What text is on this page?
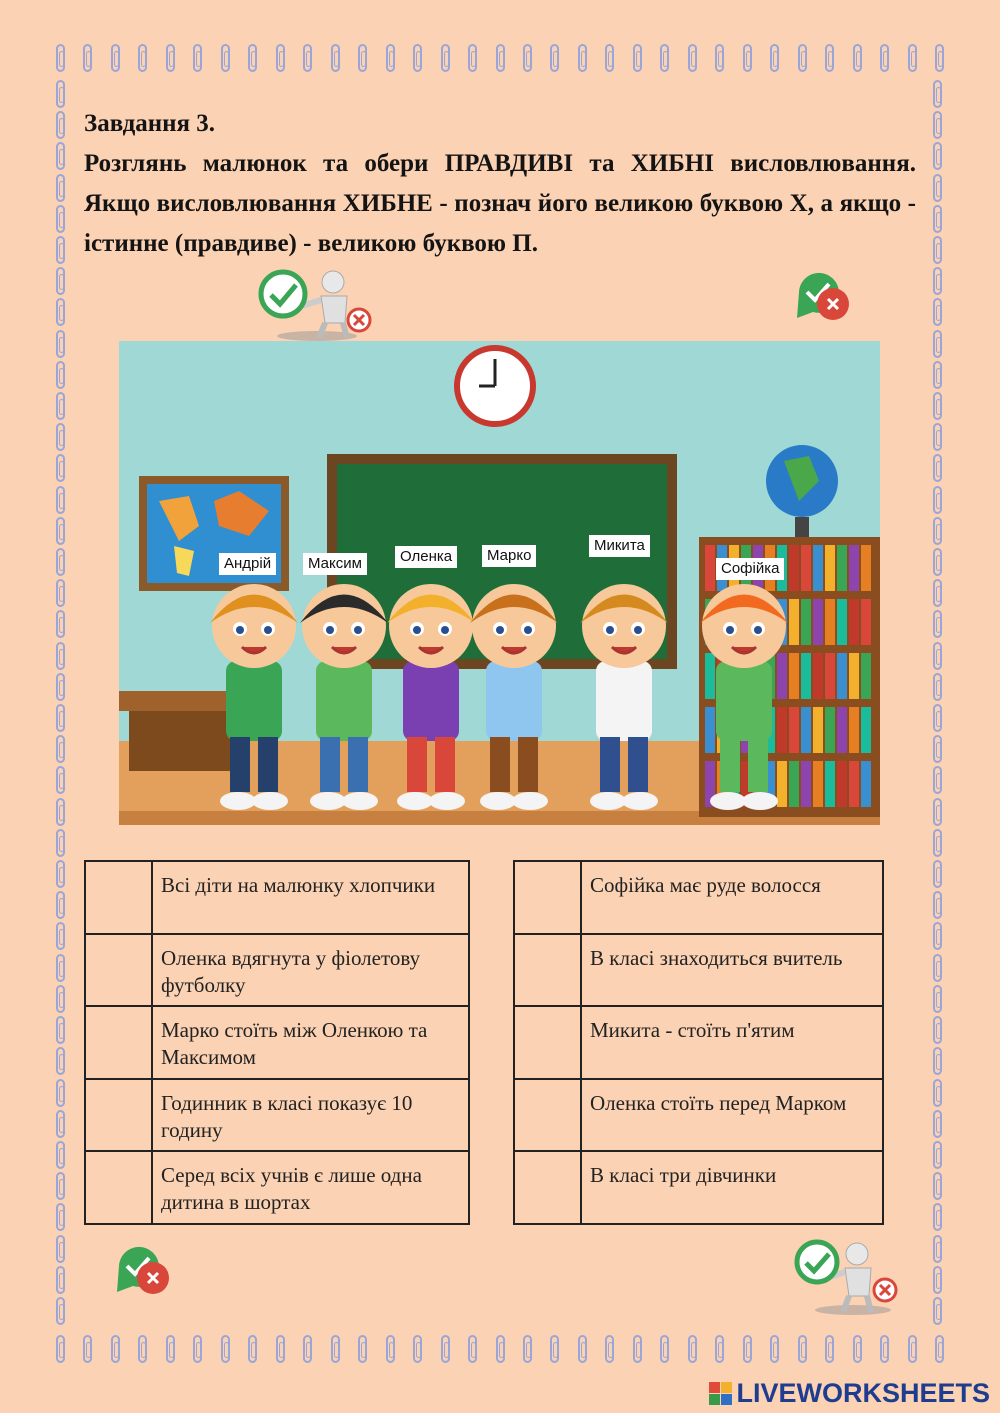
Завдання 3.
Розглянь малюнок та обери ПРАВДИВІ та ХИБНІ висловлювання. Якщо висловлювання ХИБНЕ - познач його великою буквою Х, а якщо - істинне (правдиве) - великою буквою П.
Андрій	Максим	Оленка	Марко
Микита
Софійка
	Всі діти на малюнку хлопчики
	Оленка вдягнута у фіолетову футболку
	Марко стоїть між Оленкою та Максимом
	Годинник в класі показує 10 годину
	Серед всіх учнів є лише одна дитина в шортах
	Софійка має руде волосся
	В класі знаходиться вчитель
	Микита - стоїть п'ятим
	Оленка стоїть перед Марком
	В класі три дівчинки
LIVEWORKSHEETS
